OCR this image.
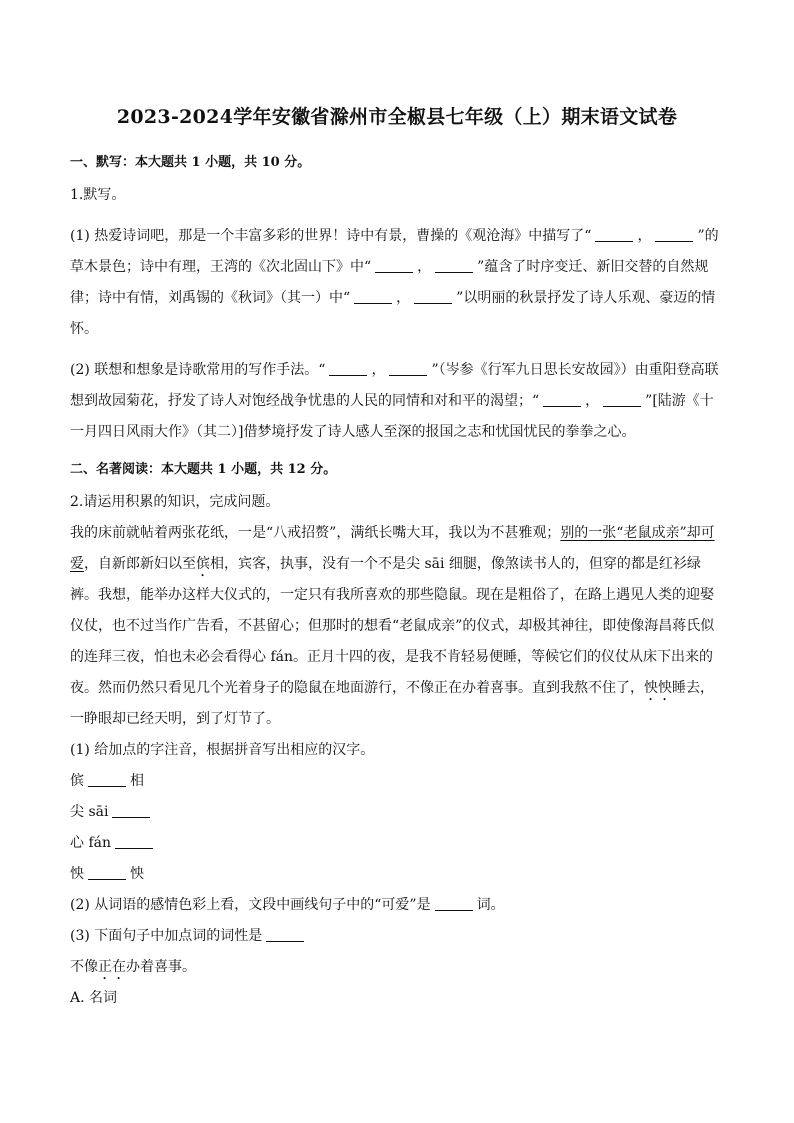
2023-2024学年安徽省滁州市全椒县七年级（上）期末语文试卷
一、默写：本大题共 1 小题，共 10 分。

1.默写。

(1) 热爱诗词吧，那是一个丰富多彩的世界！诗中有景，曹操的《观沧海》中描写了“	，	”的草木景色；诗中有理，王湾的《次北固山下》中“	，	”蕴含了时序变迁、新旧交替的自然规律；诗中有情，刘禹锡的《秋词》（其一）中“	，	”以明丽的秋景抒发了诗人乐观、豪迈的情怀。

(2) 联想和想象是诗歌常用的写作手法。“	，	”（岑参《行军九日思长安故园》）由重阳登高联想到故园菊花，抒发了诗人对饱经战争忧患的人民的同情和对和平的渴望；“	，	”[陆游《十一月四日风雨大作》（其二）]借梦境抒发了诗人感人至深的报国之志和忧国忧民的拳拳之心。

二、名著阅读：本大题共 1 小题，共 12 分。

2.请运用积累的知识，完成问题。

我的床前就帖着两张花纸，一是“八戒招赘”，满纸长嘴大耳，我以为不甚雅观；别的一张“老鼠成亲”却可爱，自新郎新妇以至傧相，宾客，执事，没有一个不是尖 sāi 细腿，像煞读书人的，但穿的都是红衫绿裤。我想，能举办这样大仪式的，一定只有我所喜欢的那些隐鼠。现在是粗俗了，在路上遇见人类的迎娶仪仗，也不过当作广告看，不甚留心；但那时的想看“老鼠成亲”的仪式，却极其神往，即使像海昌蒋氏似的连拜三夜，怕也未必会看得心 fán。正月十四的夜，是我不肯轻易便睡，等候它们的仪仗从床下出来的夜。然而仍然只看见几个光着身子的隐鼠在地面游行，不像正在办着喜事。直到我熬不住了，怏怏睡去，一睁眼却已经天明，到了灯节了。

(1) 给加点的字注音，根据拼音写出相应的汉字。
傧	相
尖 sāi
心 fán
怏	怏
(2) 从词语的感情色彩上看，文段中画线句子中的“可爱”是	词。
(3) 下面句子中加点词的词性是
不像正在办着喜事。
A. 名词
